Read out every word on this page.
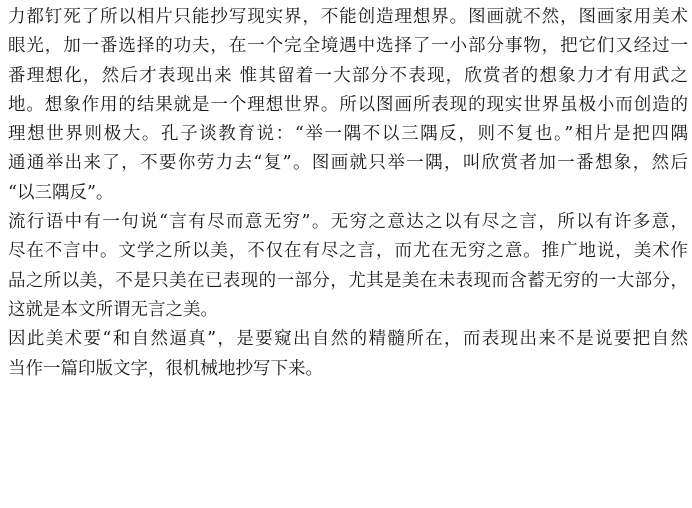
力都钉死了所以相片只能抄写现实界，不能创造理想界。图画就不然，图画家用美术
眼光，加一番选择的功夫，在一个完全境遇中选择了一小部分事物，把它们又经过一
番理想化，然后才表现出来 惟其留着一大部分不表现，欣赏者的想象力才有用武之
地。想象作用的结果就是一个理想世界。所以图画所表现的现实世界虽极小而创造的
理想世界则极大。孔子谈教育说：“举一隅不以三隅反，则不复也。”相片是把四隅
通通举出来了，不要你劳力去“复”。图画就只举一隅，叫欣赏者加一番想象，然后
“以三隅反”。
流行语中有一句说“言有尽而意无穷”。无穷之意达之以有尽之言，所以有许多意，
尽在不言中。文学之所以美，不仅在有尽之言，而尤在无穷之意。推广地说，美术作
品之所以美，不是只美在已表现的一部分，尤其是美在未表现而含蓄无穷的一大部分，
这就是本文所谓无言之美。
因此美术要“和自然逼真”，是要窥出自然的精髓所在，而表现出来不是说要把自然
当作一篇印版文字，很机械地抄写下来。
